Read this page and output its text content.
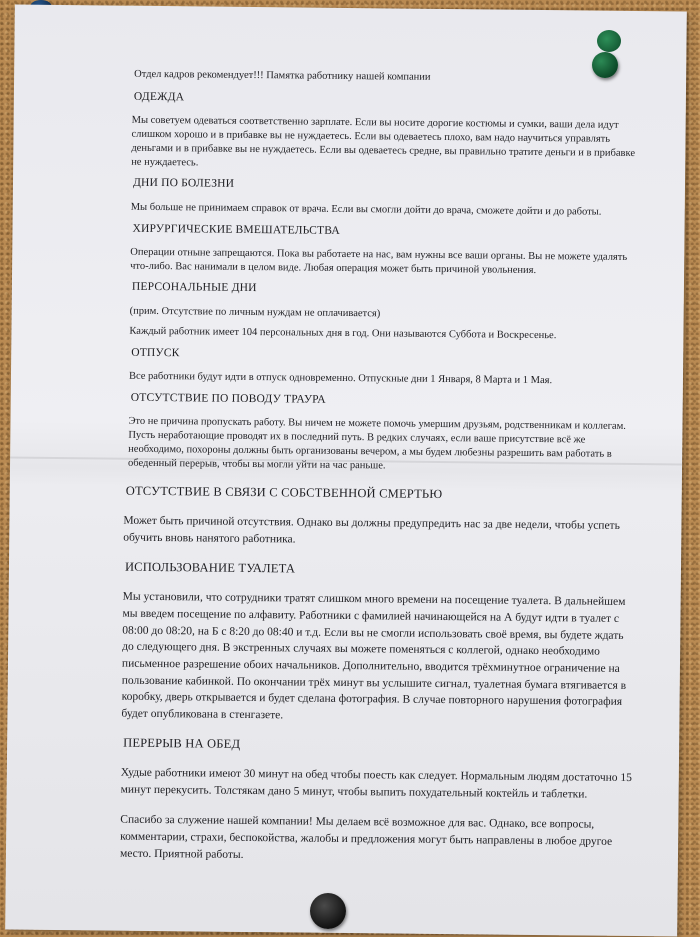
Отдел кадров рекомендует!!! Памятка работнику нашей компании
ОДЕЖДА
Мы советуем одеваться соответственно зарплате. Если вы носите дорогие костюмы и сумки, ваши дела идут слишком хорошо и в прибавке вы не нуждаетесь. Если вы одеваетесь плохо, вам надо научиться управлять деньгами и в прибавке вы не нуждаетесь. Если вы одеваетесь средне, вы правильно тратите деньги и в прибавке не нуждаетесь.
ДНИ ПО БОЛЕЗНИ
Мы больше не принимаем справок от врача. Если вы смогли дойти до врача, сможете дойти и до работы.
ХИРУРГИЧЕСКИЕ ВМЕШАТЕЛЬСТВА
Операции отныне запрещаются. Пока вы работаете на нас, вам нужны все ваши органы. Вы не можете удалять что-либо. Вас нанимали в целом виде. Любая операция может быть причиной увольнения.
ПЕРСОНАЛЬНЫЕ ДНИ
(прим. Отсутствие по личным нуждам не оплачивается)
Каждый работник имеет 104 персональных дня в год. Они называются Суббота и Воскресенье.
ОТПУСК
Все работники будут идти в отпуск одновременно. Отпускные дни 1 Января, 8 Марта и 1 Мая.
ОТСУТСТВИЕ ПО ПОВОДУ ТРАУРА
Это не причина пропускать работу. Вы ничем не можете помочь умершим друзьям, родственникам и коллегам. Пусть неработающие проводят их в последний путь. В редких случаях, если ваше присутствие всё же необходимо, похороны должны быть организованы вечером, а мы будем любезны разрешить вам работать в обеденный перерыв, чтобы вы могли уйти на час раньше.
ОТСУТСТВИЕ В СВЯЗИ С СОБСТВЕННОЙ СМЕРТЬЮ
Может быть причиной отсутствия. Однако вы должны предупредить нас за две недели, чтобы успеть обучить вновь нанятого работника.
ИСПОЛЬЗОВАНИЕ ТУАЛЕТА
Мы установили, что сотрудники тратят слишком много времени на посещение туалета. В дальнейшем мы введем посещение по алфавиту. Работники с фамилией начинающейся на А будут идти в туалет с 08:00 до 08:20, на Б с 8:20 до 08:40 и т.д. Если вы не смогли использовать своё время, вы будете ждать до следующего дня. В экстренных случаях вы можете поменяться с коллегой, однако необходимо письменное разрешение обоих начальников. Дополнительно, вводится трёхминутное ограничение на пользование кабинкой. По окончании трёх минут вы услышите сигнал, туалетная бумага втягивается в коробку, дверь открывается и будет сделана фотография. В случае повторного нарушения фотография будет опубликована в стенгазете.
ПЕРЕРЫВ НА ОБЕД
Худые работники имеют 30 минут на обед чтобы поесть как следует. Нормальным людям достаточно 15 минут перекусить. Толстякам дано 5 минут, чтобы выпить похудательный коктейль и таблетки.
Спасибо за служение нашей компании! Мы делаем всё возможное для вас. Однако, все вопросы, комментарии, страхи, беспокойства, жалобы и предложения могут быть направлены в любое другое место. Приятной работы.
